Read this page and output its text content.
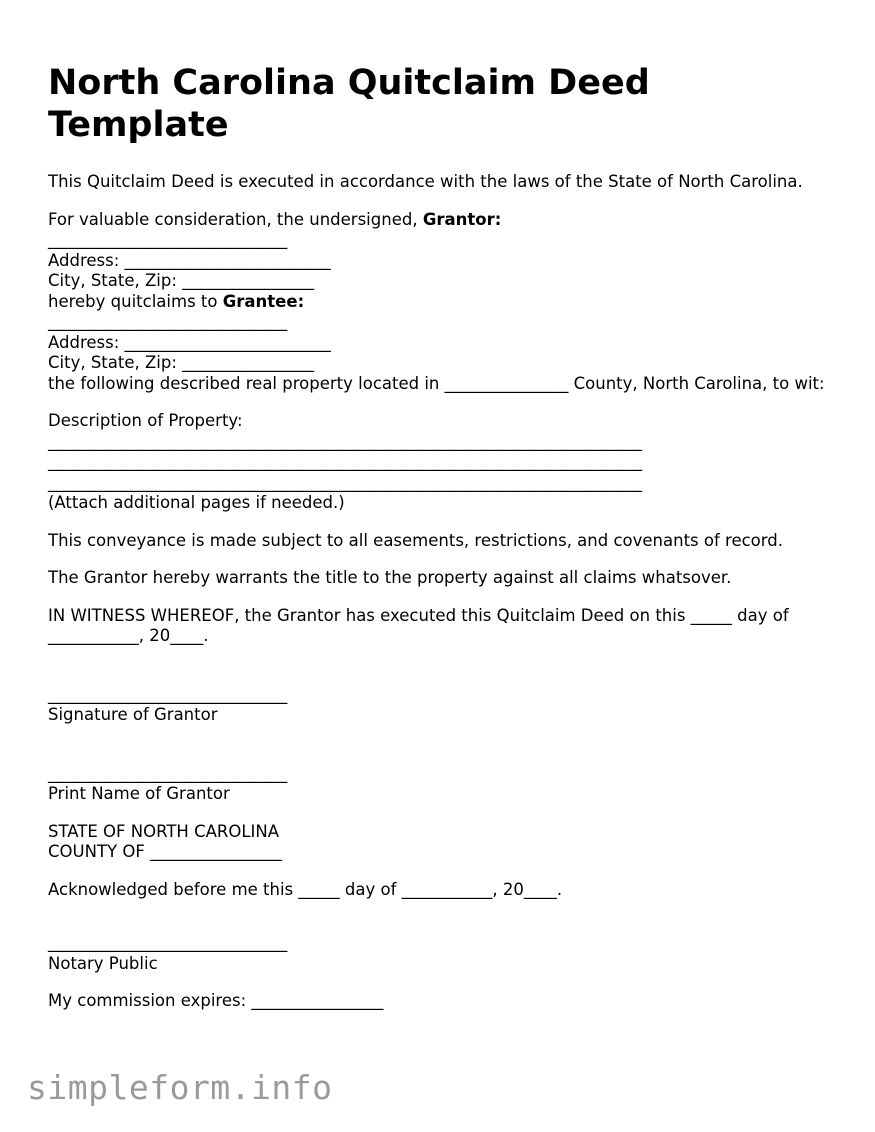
North Carolina Quitclaim Deed Template

This Quitclaim Deed is executed in accordance with the laws of the State of North Carolina.

For valuable consideration, the undersigned, Grantor:
_____________________________
Address: _________________________
City, State, Zip: ________________
hereby quitclaims to Grantee:
_____________________________
Address: _________________________
City, State, Zip: ________________

the following described real property located in _______________ County, North Carolina, to wit:

Description of Property:
________________________________________________________________________
________________________________________________________________________
________________________________________________________________________
(Attach additional pages if needed.)

This conveyance is made subject to all easements, restrictions, and covenants of record.

The Grantor hereby warrants the title to the property against all claims whatsover.

IN WITNESS WHEREOF, the Grantor has executed this Quitclaim Deed on this _____ day of ___________, 20____.

_____________________________
Signature of Grantor
_____________________________
Print Name of Grantor
STATE OF NORTH CAROLINA
COUNTY OF ________________

Acknowledged before me this _____ day of ___________, 20____.

_____________________________
Notary Public
My commission expires: ________________
simpleform.info
